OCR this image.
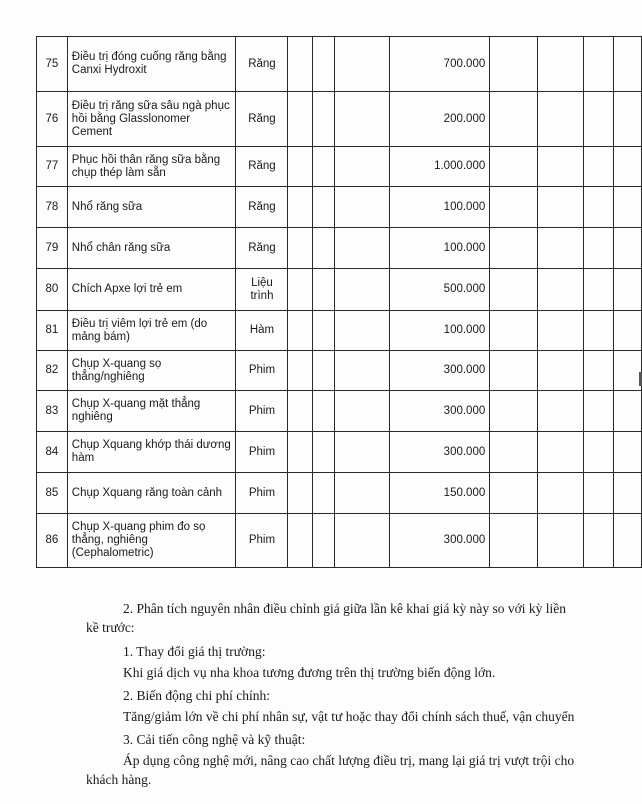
75	Điều trị đóng cuống răng bằng Canxi Hydroxit	Răng				700.000				
76	Điều trị răng sữa sâu ngà phục hồi bằng Glasslonomer Cement	Răng				200.000				
77	Phục hồi thân răng sữa bằng chụp thép làm sẵn	Răng				1.000.000				
78	Nhổ răng sữa	Răng				100.000				
79	Nhổ chân răng sữa	Răng				100.000				
80	Chích Apxe lợi trẻ em	Liệu trình				500.000				
81	Điều trị viêm lợi trẻ em (do mảng bám)	Hàm				100.000				
82	Chụp X-quang sọ thẳng/nghiêng	Phim				300.000				
83	Chụp X-quang mặt thẳng nghiêng	Phim				300.000				
84	Chụp Xquang khớp thái dương hàm	Phim				300.000				
85	Chụp Xquang răng toàn cảnh	Phim				150.000				
86	Chụp X-quang phim đo sọ thẳng, nghiêng (Cephalometric)	Phim				300.000				

2. Phân tích nguyên nhân điều chỉnh giá giữa lần kê khai giá kỳ này so với kỳ liền kề trước:

1. Thay đổi giá thị trường:

Khi giá dịch vụ nha khoa tương đương trên thị trường biến động lớn.

2. Biến động chi phí chính:

Tăng/giảm lớn về chi phí nhân sự, vật tư hoặc thay đổi chính sách thuế, vận chuyển

3. Cải tiến công nghệ và kỹ thuật:

Áp dụng công nghệ mới, nâng cao chất lượng điều trị, mang lại giá trị vượt trội cho khách hàng.
